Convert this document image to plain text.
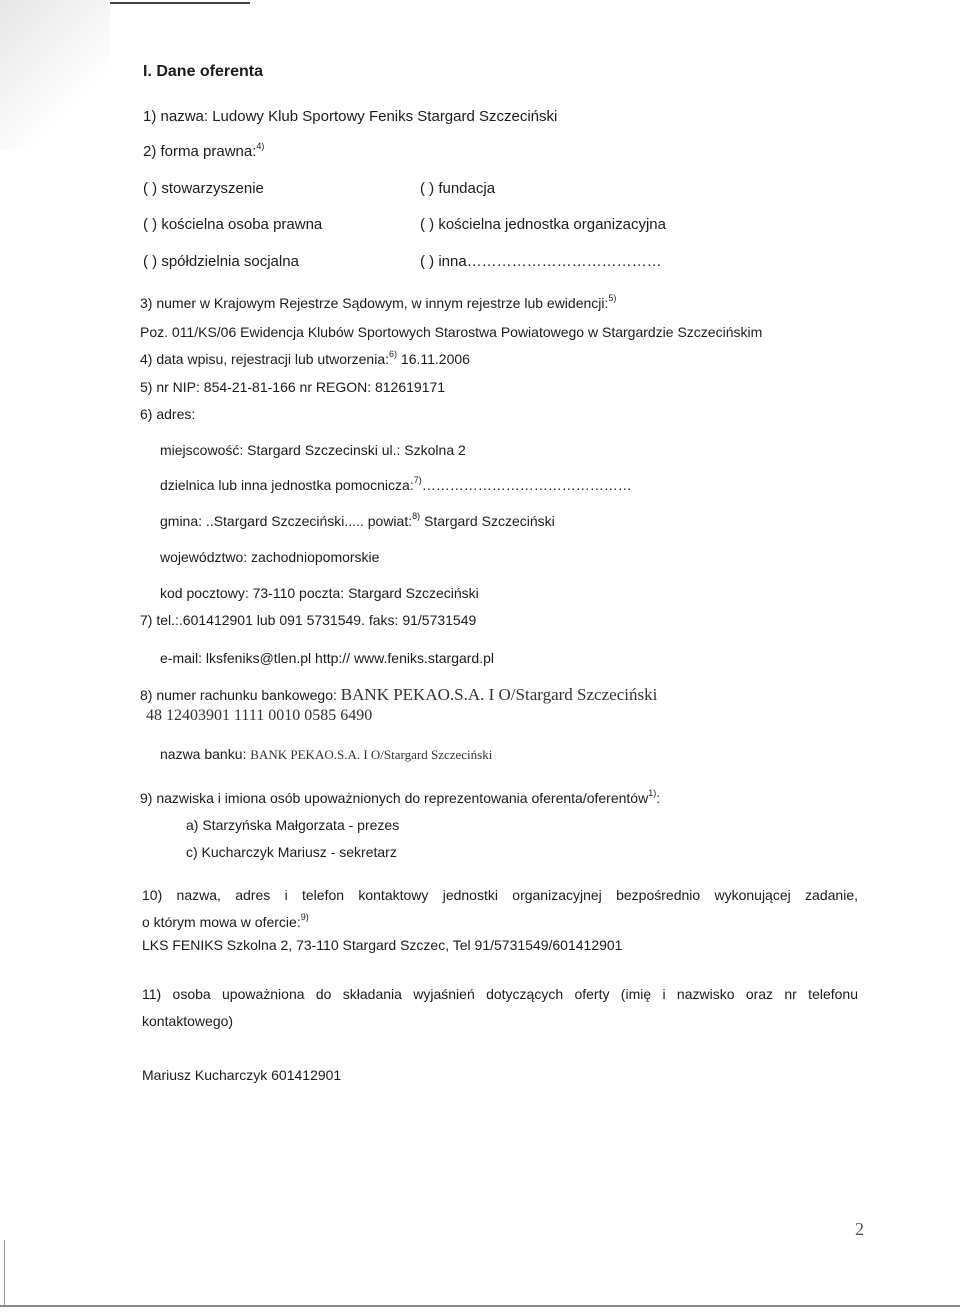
I. Dane oferenta
1) nazwa: Ludowy Klub Sportowy Feniks Stargard Szczeciński
2) forma prawna:$^{4)}$
( ) stowarzyszenie	( ) fundacja
( ) kościelna osoba prawna	( ) kościelna jednostka organizacyjna
( ) spółdzielnia socjalna	( ) inna…………………………………
3) numer w Krajowym Rejestrze Sądowym, w innym rejestrze lub ewidencji:$^{5)}$
Poz. 011/KS/06 Ewidencja Klubów Sportowych Starostwa Powiatowego w Stargardzie Szczecińskim
4) data wpisu, rejestracji lub utworzenia:$^{6)}$ 16.11.2006
5) nr NIP: 854-21-81-166 nr REGON: 812619171
6) adres:
miejscowość: Stargard Szczecinski ul.: Szkolna 2
dzielnica lub inna jednostka pomocnicza:$^{7)}$………………………………………
gmina: ..Stargard Szczeciński..... powiat:$^{8)}$ Stargard Szczeciński
województwo: zachodniopomorskie
kod pocztowy: 73-110 poczta: Stargard Szczeciński
7) tel.:.601412901 lub 091 5731549. faks: 91/5731549
e-mail: lksfeniks@tlen.pl http:// www.feniks.stargard.pl
8) numer rachunku bankowego: BANK PEKAO.S.A. I O/Stargard Szczeciński
48 12403901 1111 0010 0585 6490
nazwa banku: BANK PEKAO.S.A. I O/Stargard Szczeciński
9) nazwiska i imiona osób upoważnionych do reprezentowania oferenta/oferentów$^{1)}$:
a) Starzyńska Małgorzata - prezes
c) Kucharczyk Mariusz - sekretarz
10) nazwa, adres i telefon kontaktowy jednostki organizacyjnej bezpośrednio wykonującej zadanie,
o którym mowa w ofercie:$^{9)}$
LKS FENIKS Szkolna 2, 73-110 Stargard Szczec, Tel 91/5731549/601412901
11) osoba upoważniona do składania wyjaśnień dotyczących oferty (imię i nazwisko oraz nr telefonu
kontaktowego)
Mariusz Kucharczyk 601412901
2
